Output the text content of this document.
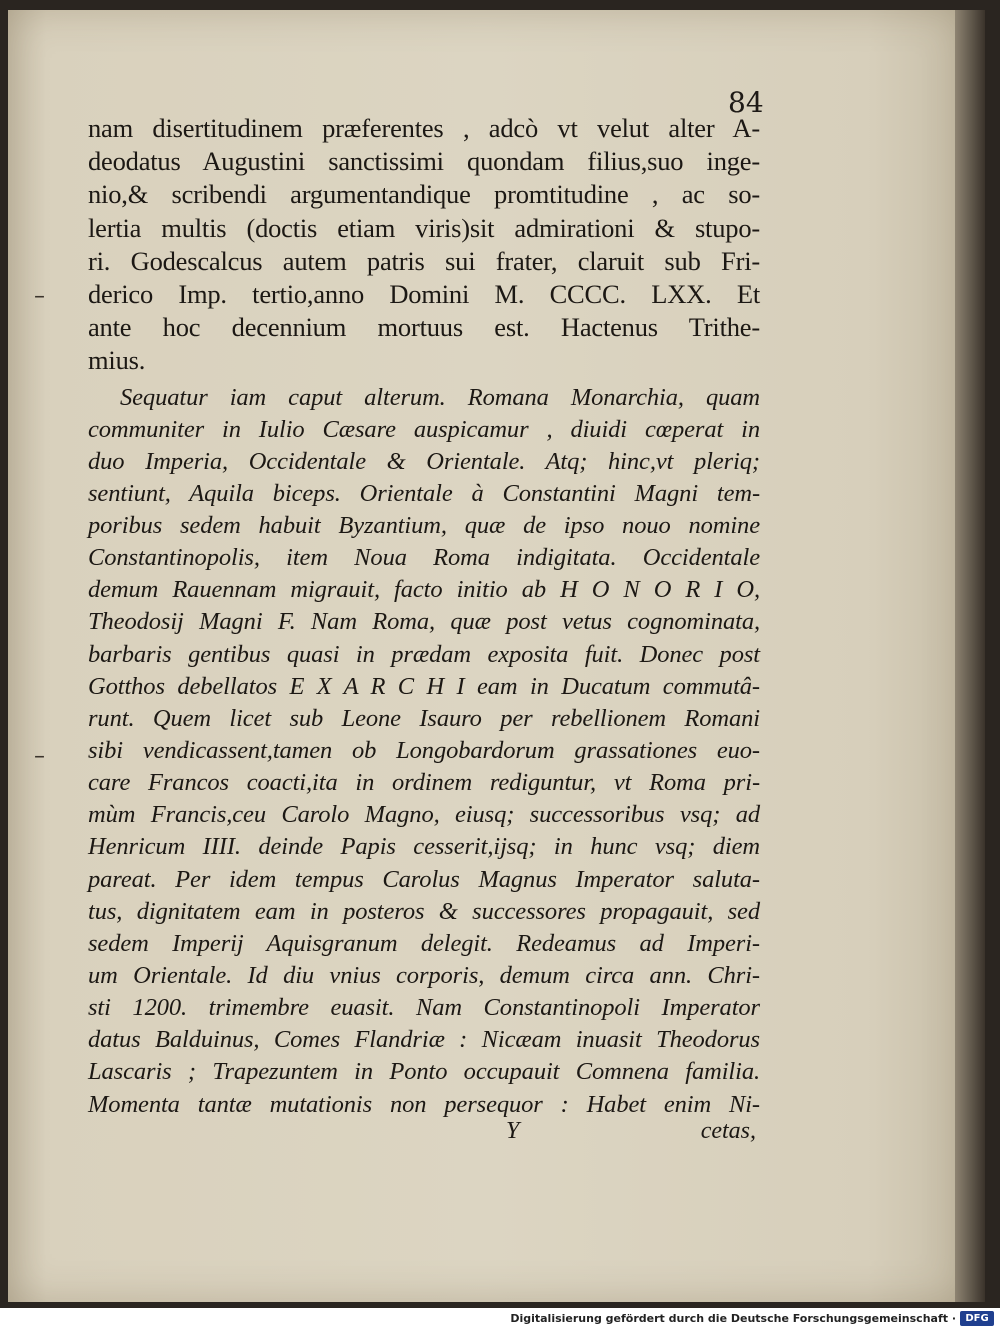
84
–
–
nam disertitudinem præferentes , adcò vt velut alter A-
deodatus Augustini sanctissimi quondam filius,suo inge-
nio,& scribendi argumentandique promtitudine , ac so-
lertia multis (doctis etiam viris)sit admirationi & stupo-
ri. Godescalcus autem patris sui frater, claruit sub Fri-
derico Imp. tertio,anno Domini M. CCCC. LXX. Et
ante hoc decennium mortuus est. Hactenus Trithe-
mius.
Sequatur iam caput alterum. Romana Monarchia, quam
communiter in Iulio Cæsare auspicamur , diuidi cœperat in
duo Imperia, Occidentale & Orientale. Atq; hinc,vt pleriq;
sentiunt, Aquila biceps. Orientale à Constantini Magni tem-
poribus sedem habuit Byzantium, quæ de ipso nouo nomine
Constantinopolis, item Noua Roma indigitata. Occidentale
demum Rauennam migrauit, facto initio ab H O N O R I O,
Theodosij Magni F. Nam Roma, quæ post vetus cognominata,
barbaris gentibus quasi in prædam exposita fuit. Donec post
Gotthos debellatos E X A R C H I eam in Ducatum commutâ-
runt. Quem licet sub Leone Isauro per rebellionem Romani
sibi vendicassent,tamen ob Longobardorum grassationes euo-
care Francos coacti,ita in ordinem rediguntur, vt Roma pri-
mùm Francis,ceu Carolo Magno, eiusq; successoribus vsq; ad
Henricum IIII. deinde Papis cesserit,ijsq; in hunc vsq; diem
pareat. Per idem tempus Carolus Magnus Imperator saluta-
tus, dignitatem eam in posteros & successores propagauit, sed
sedem Imperij Aquisgranum delegit. Redeamus ad Imperi-
um Orientale. Id diu vnius corporis, demum circa ann. Chri-
sti 1200. trimembre euasit. Nam Constantinopoli Imperator
datus Balduinus, Comes Flandriæ : Nicæam inuasit Theodorus
Lascaris ; Trapezuntem in Ponto occupauit Comnena familia.
Momenta tantæ mutationis non persequor : Habet enim Ni-
Y	cetas,
Digitalisierung gefördert durch die Deutsche Forschungsgemeinschaft · DFG
